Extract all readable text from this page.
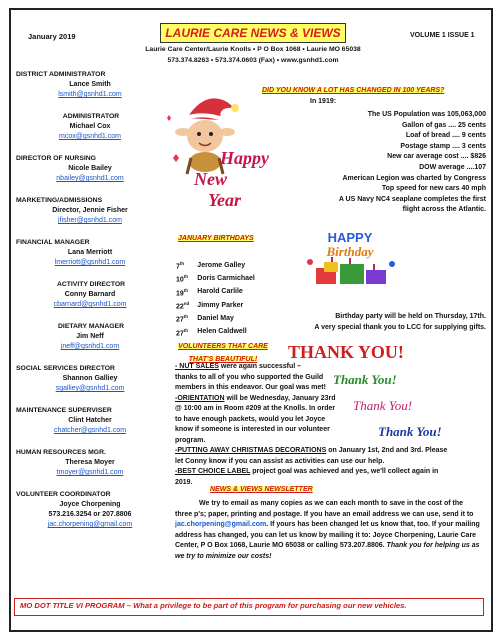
January 2019	LAURIE CARE NEWS & VIEWS	VOLUME 1 ISSUE 1
Laurie Care Center/Laurie Knolls • P O Box 1068 • Laurie MO 65038
573.374.8263 • 573.374.0603 (Fax) • www.gsnhd1.com
DISTRICT ADMINISTRATOR
Lance Smith
lsmith@gsnhd1.com
ADMINISTRATOR
Michael Cox
mcox@gsnhd1.com
DIRECTOR OF NURSING
Nicole Bailey
nbailey@gsnhd1.com
MARKETING/ADMISSIONS
Director, Jennie Fisher
jfisher@gsnhd1.com
FINANCIAL MANAGER
Lana Merriott
lmerriott@gsnhd1.com
ACTIVITY DIRECTOR
Conny Barnard
cbarnard@gsnhd1.com
DIETARY MANAGER
Jim Neff
jneff@gsnhd1.com
SOCIAL SERVICES DIRECTOR
Shannon Galliey
sgalliey@gsnhd1.com
MAINTENANCE SUPERVISER
Clint Hatcher
chatcher@gsnhd1.com
HUMAN RESOURCES MGR.
Theresa Moyer
tmoyer@gsnhd1.com
VOLUNTEER COORDINATOR
Joyce Chorpening
573.216.3254 or 207.8806
jac.chorpening@gmail.com
Happy
New
Year
DID YOU KNOW A LOT HAS CHANGED IN 100 YEARS?
In 1919:
The US Population was 105,063,000
Gallon of gas .... 25 cents
Loaf of bread .... 9 cents
Postage stamp .... 3 cents
New car average cost .... $826
DOW average ....107
American Legion was charted by Congress
Top speed for new cars 40 mph
A US Navy NC4 seaplane completes the first
flight across the Atlantic.
JANUARY BIRTHDAYS
7th	Jerome Galley
10th	Doris Carmichael
19th	Harold Carlile
22nd	Jimmy Parker
27th	Daniel May
27th	Helen Caldwell
HAPPY
Birthday
Birthday party will be held on Thursday, 17th.
A very special thank you to LCC for supplying gifts.
VOLUNTEERS THAT CARE
THAT'S BEAUTIFUL!
- NUT SALES were again successful –
thanks to all of you who supported the Guild members in this endeavor. Our goal was met!
-ORIENTATION will be Wednesday, January 23rd @ 10:00 am in Room #209 at the Knolls. In order to have enough packets, would you let Joyce know if someone is interested in our volunteer program.
-PUTTING AWAY CHRISTMAS DECORATIONS on January 1st, 2nd and 3rd. Please let Conny know if you can assist as activities can use our help.
-BEST CHOICE LABEL project goal was achieved and yes, we'll collect again in 2019.
THANK YOU!
Thank You!
Thank You!
Thank You!
NEWS & VIEWS NEWSLETTER
We try to email as many copies as we can each month to save in the cost of the three p's; paper, printing and postage. If you have an email address we can use, send it to jac.chorpening@gmail.com. If yours has been changed let us know that, too. If your mailing address has changed, you can let us know by mailing it to: Joyce Chorpening, Laurie Care Center, P O Box 1068, Laurie MO 65038 or calling 573.207.8806. Thank you for helping us as we try to minimize our costs!
MO DOT TITLE VI PROGRAM – What a privilege to be part of this program for purchasing our new vehicles.
